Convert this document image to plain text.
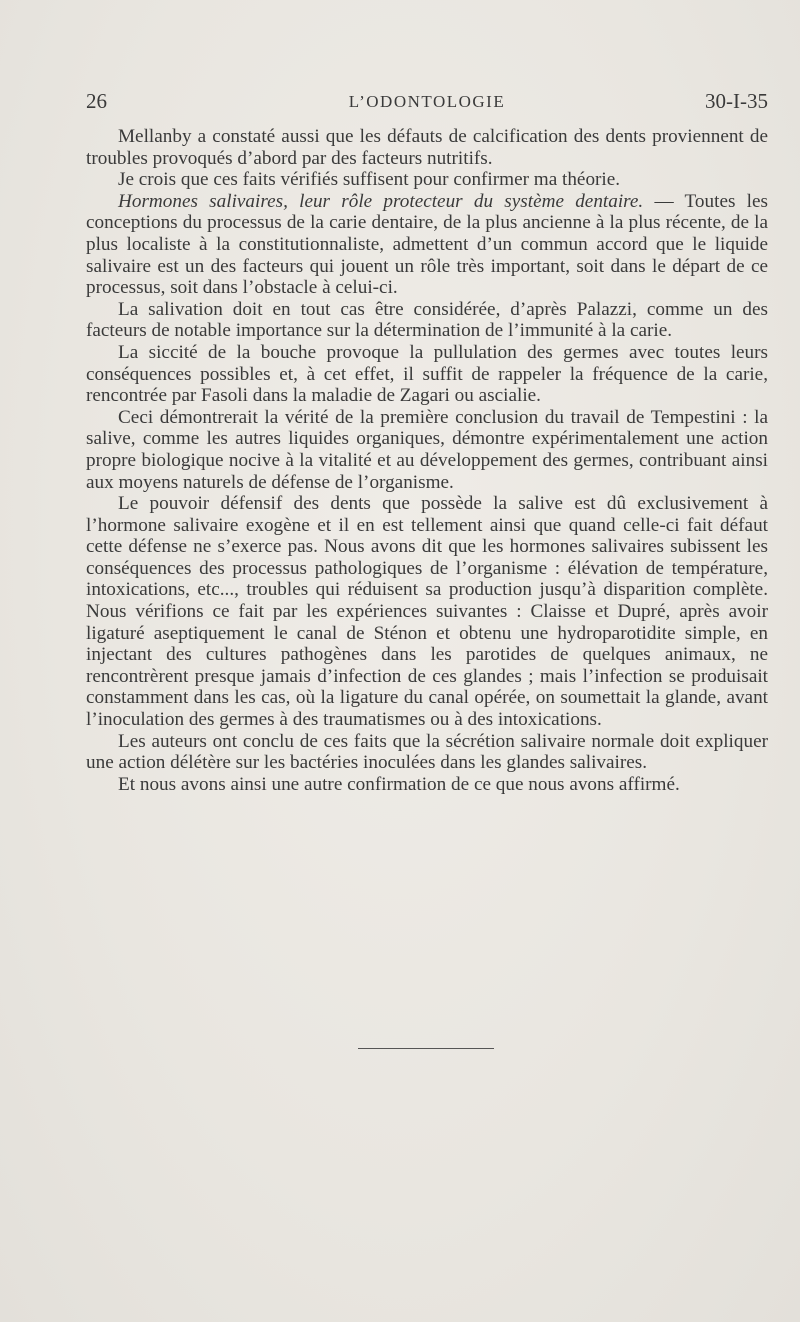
26	L’ODONTOLOGIE	30-I-35

Mellanby a constaté aussi que les défauts de calcification des dents proviennent de troubles provoqués d’abord par des facteurs nutritifs.

Je crois que ces faits vérifiés suffisent pour confirmer ma théorie.

Hormones salivaires, leur rôle protecteur du système dentaire. — Toutes les conceptions du processus de la carie dentaire, de la plus ancienne à la plus récente, de la plus localiste à la constitutionnaliste, admettent d’un commun accord que le liquide salivaire est un des facteurs qui jouent un rôle très important, soit dans le départ de ce processus, soit dans l’obstacle à celui-ci.

La salivation doit en tout cas être considérée, d’après Palazzi, comme un des facteurs de notable importance sur la détermination de l’immunité à la carie.

La siccité de la bouche provoque la pullulation des germes avec toutes leurs conséquences possibles et, à cet effet, il suffit de rappeler la fréquence de la carie, rencontrée par Fasoli dans la maladie de Zagari ou ascialie.

Ceci démontrerait la vérité de la première conclusion du travail de Tempestini : la salive, comme les autres liquides organiques, démontre expérimentalement une action propre biologique nocive à la vitalité et au développement des germes, contribuant ainsi aux moyens naturels de défense de l’organisme.

Le pouvoir défensif des dents que possède la salive est dû exclusivement à l’hormone salivaire exogène et il en est tellement ainsi que quand celle-ci fait défaut cette défense ne s’exerce pas. Nous avons dit que les hormones salivaires subissent les conséquences des processus pathologiques de l’organisme : élévation de température, intoxications, etc..., troubles qui réduisent sa production jusqu’à disparition complète. Nous vérifions ce fait par les expériences suivantes : Claisse et Dupré, après avoir ligaturé aseptiquement le canal de Sténon et obtenu une hydroparotidite simple, en injectant des cultures pathogènes dans les parotides de quelques animaux, ne rencontrèrent presque jamais d’infection de ces glandes ; mais l’infection se produisait constamment dans les cas, où la ligature du canal opérée, on soumettait la glande, avant l’inoculation des germes à des traumatismes ou à des intoxications.

Les auteurs ont conclu de ces faits que la sécrétion salivaire normale doit expliquer une action délétère sur les bactéries inoculées dans les glandes salivaires.

Et nous avons ainsi une autre confirmation de ce que nous avons affirmé.
